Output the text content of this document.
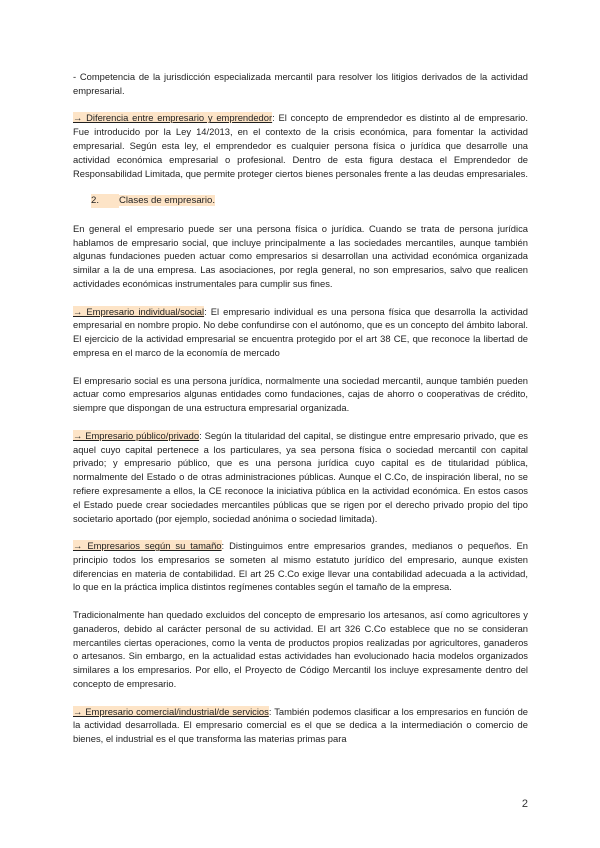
- Competencia de la jurisdicción especializada mercantil para resolver los litigios derivados de la actividad empresarial.

→ Diferencia entre empresario y emprendedor: El concepto de emprendedor es distinto al de empresario. Fue introducido por la Ley 14/2013, en el contexto de la crisis económica, para fomentar la actividad empresarial. Según esta ley, el emprendedor es cualquier persona física o jurídica que desarrolle una actividad económica empresarial o profesional. Dentro de esta figura destaca el Emprendedor de Responsabilidad Limitada, que permite proteger ciertos bienes personales frente a las deudas empresariales.

2. Clases de empresario.

En general el empresario puede ser una persona física o jurídica. Cuando se trata de persona jurídica hablamos de empresario social, que incluye principalmente a las sociedades mercantiles, aunque también algunas fundaciones pueden actuar como empresarios si desarrollan una actividad económica organizada similar a la de una empresa. Las asociaciones, por regla general, no son empresarios, salvo que realicen actividades económicas instrumentales para cumplir sus fines.

→ Empresario individual/social: El empresario individual es una persona física que desarrolla la actividad empresarial en nombre propio. No debe confundirse con el autónomo, que es un concepto del ámbito laboral. El ejercicio de la actividad empresarial se encuentra protegido por el art 38 CE, que reconoce la libertad de empresa en el marco de la economía de mercado

El empresario social es una persona jurídica, normalmente una sociedad mercantil, aunque también pueden actuar como empresarios algunas entidades como fundaciones, cajas de ahorro o cooperativas de crédito, siempre que dispongan de una estructura empresarial organizada.

→ Empresario público/privado: Según la titularidad del capital, se distingue entre empresario privado, que es aquel cuyo capital pertenece a los particulares, ya sea persona física o sociedad mercantil con capital privado; y empresario público, que es una persona jurídica cuyo capital es de titularidad pública, normalmente del Estado o de otras administraciones públicas. Aunque el C.Co, de inspiración liberal, no se refiere expresamente a ellos, la CE reconoce la iniciativa pública en la actividad económica. En estos casos el Estado puede crear sociedades mercantiles públicas que se rigen por el derecho privado propio del tipo societario aportado (por ejemplo, sociedad anónima o sociedad limitada).

→ Empresarios según su tamaño: Distinguimos entre empresarios grandes, medianos o pequeños. En principio todos los empresarios se someten al mismo estatuto jurídico del empresario, aunque existen diferencias en materia de contabilidad. El art 25 C.Co exige llevar una contabilidad adecuada a la actividad, lo que en la práctica implica distintos regímenes contables según el tamaño de la empresa.

Tradicionalmente han quedado excluidos del concepto de empresario los artesanos, así como agricultores y ganaderos, debido al carácter personal de su actividad. El art 326 C.Co establece que no se consideran mercantiles ciertas operaciones, como la venta de productos propios realizadas por agricultores, ganaderos o artesanos. Sin embargo, en la actualidad estas actividades han evolucionado hacia modelos organizados similares a los empresarios. Por ello, el Proyecto de Código Mercantil los incluye expresamente dentro del concepto de empresario.

→ Empresario comercial/industrial/de servicios: También podemos clasificar a los empresarios en función de la actividad desarrollada. El empresario comercial es el que se dedica a la intermediación o comercio de bienes, el industrial es el que transforma las materias primas para

2
